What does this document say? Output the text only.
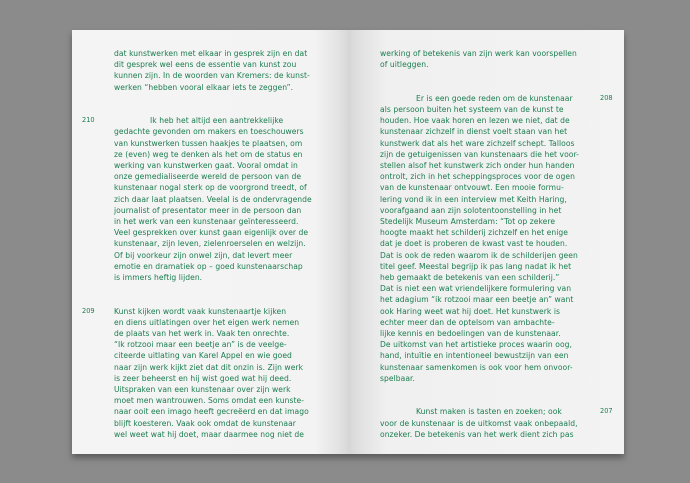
dat kunstwerken met elkaar in gesprek zijn en dat
dit gesprek wel eens de essentie van kunst zou
kunnen zijn. In de woorden van Kremers: de kunst-
werken “hebben vooral elkaar iets te zeggen”.
Ik heb het altijd een aantrekkelijke
gedachte gevonden om makers en toeschouwers
van kunstwerken tussen haakjes te plaatsen, om
ze (even) weg te denken als het om de status en
werking van kunstwerken gaat. Vooral omdat in
onze gemedialiseerde wereld de persoon van de
kunstenaar nogal sterk op de voorgrond treedt, of
zich daar laat plaatsen. Veelal is de ondervragende
journalist of presentator meer in de persoon dan
in het werk van een kunstenaar geïnteresseerd.
Veel gesprekken over kunst gaan eigenlijk over de
kunstenaar, zijn leven, zielenroerselen en welzijn.
Of bij voorkeur zijn onwel zijn, dat levert meer
emotie en dramatiek op – goed kunstenaarschap
is immers heftig lijden.
Kunst kijken wordt vaak kunstenaartje kijken
en diens uitlatingen over het eigen werk nemen
de plaats van het werk in. Vaak ten onrechte.
“Ik rotzooi maar een beetje an” is de veelge-
citeerde uitlating van Karel Appel en wie goed
naar zijn werk kijkt ziet dat dit onzin is. Zijn werk
is zeer beheerst en hij wist goed wat hij deed.
Uitspraken van een kunstenaar over zijn werk
moet men wantrouwen. Soms omdat een kunste-
naar ooit een imago heeft gecreëerd en dat imago
blijft koesteren. Vaak ook omdat de kunstenaar
wel weet wat hij doet, maar daarmee nog niet de
210
209
werking of betekenis van zijn werk kan voorspellen
of uitleggen.
Er is een goede reden om de kunstenaar
als persoon buiten het systeem van de kunst te
houden. Hoe vaak horen en lezen we niet, dat de
kunstenaar zichzelf in dienst voelt staan van het
kunstwerk dat als het ware zichzelf schept. Talloos
zijn de getuigenissen van kunstenaars die het voor-
stellen alsof het kunstwerk zich onder hun handen
ontrolt, zich in het scheppingsproces voor de ogen
van de kunstenaar ontvouwt. Een mooie formu-
lering vond ik in een interview met Keith Haring,
voorafgaand aan zijn solotentoonstelling in het
Stedelijk Museum Amsterdam: “Tot op zekere
hoogte maakt het schilderij zichzelf en het enige
dat je doet is proberen de kwast vast te houden.
Dat is ook de reden waarom ik de schilderijen geen
titel geef. Meestal begrijp ik pas lang nadat ik het
heb gemaakt de betekenis van een schilderij.”
Dat is niet een wat vriendelijkere formulering van
het adagium “ik rotzooi maar een beetje an” want
ook Haring weet wat hij doet. Het kunstwerk is
echter meer dan de optelsom van ambachte-
lijke kennis en bedoelingen van de kunstenaar.
De uitkomst van het artistieke proces waarin oog,
hand, intuïtie en intentioneel bewustzijn van een
kunstenaar samenkomen is ook voor hem onvoor-
spelbaar.
Kunst maken is tasten en zoeken; ook
voor de kunstenaar is de uitkomst vaak onbepaald,
onzeker. De betekenis van het werk dient zich pas
208
207
